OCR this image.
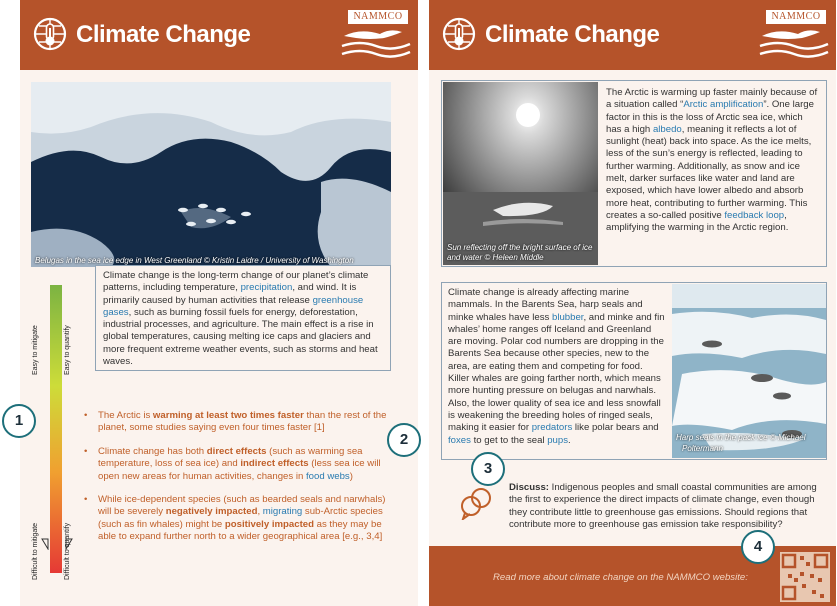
Climate Change
NAMMCO
Belugas in the sea ice edge in West Greenland © Kristin Laidre / University of Washington
Climate change is the long-term change of our planet’s climate patterns, including temperature, precipitation, and wind. It is primarily caused by human activities that release greenhouse gases, such as burning fossil fuels for energy, deforestation, industrial processes, and agriculture. The main effect is a rise in global temperatures, causing melting ice caps and glaciers and more frequent extreme weather events, such as storms and heat waves.
Easy to mitigate	Easy to quantify
Difficult to mitigate	Difficult to quantify
• The Arctic is warming at least two times faster than the rest of the planet, some studies saying even four times faster [1]
• Climate change has both direct effects (such as warming sea temperature, loss of sea ice) and indirect effects (less sea ice will open new areas for human activities, changes in food webs)
• While ice-dependent species (such as bearded seals and narwhals) will be severely negatively impacted, migrating sub-Arctic species (such as fin whales) might be positively impacted as they may be able to expand further north to a wider geographical area [e.g., 3,4]
Climate Change
NAMMCO
Sun reflecting off the bright surface of ice and water © Heleen Middle
The Arctic is warming up faster mainly because of a situation called “Arctic amplification”. One large factor in this is the loss of Arctic sea ice, which has a high albedo, meaning it reflects a lot of sunlight (heat) back into space. As the ice melts, less of the sun’s energy is reflected, leading to further warming. Additionally, as snow and ice melt, darker surfaces like water and land are exposed, which have lower albedo and absorb more heat, contributing to further warming. This creates a so-called positive feedback loop, amplifying the warming in the Arctic region.
Climate change is already affecting marine mammals. In the Barents Sea, harp seals and minke whales have less blubber, and minke and fin whales’ home ranges off Iceland and Greenland are moving. Polar cod numbers are dropping in the Barents Sea because other species, new to the area, are eating them and competing for food. Killer whales are going farther north, which means more hunting pressure on belugas and narwhals. Also, the lower quality of sea ice and less snowfall is weakening the breeding holes of ringed seals, making it easier for predators like polar bears and foxes to get to the seal pups.	Harp seals in the pack ice © Michael
Poltermann
Discuss: Indigenous peoples and small coastal communities are among the first to experience the direct impacts of climate change, even though they contribute little to greenhouse gas emissions. Should regions that contribute more to greenhouse gas emission take responsibility?
Read more about climate change on the NAMMCO website:
1
2
3
4
